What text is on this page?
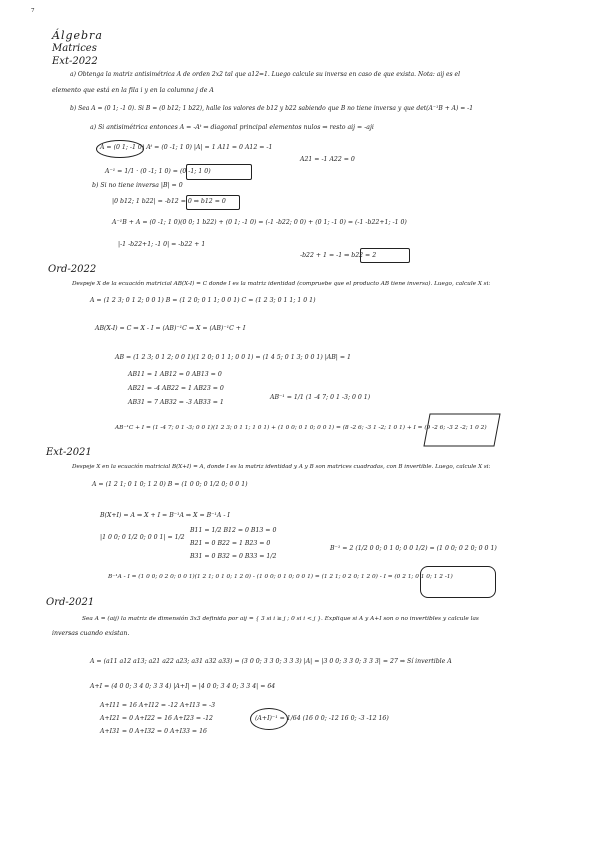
7
Álgebra
Matrices
Ext-2022
a) Obtenga la matriz antisimétrica A de orden 2x2 tal que a12=1. Luego calcule su inversa en caso de que exista. Nota: aij es el
elemento que está en la fila i y en la columna j de A
b) Sea A = (0 1; -1 0). Si B = (0 b12; 1 b22), halle los valores de b12 y b22 sabiendo que B no tiene inversa y que det(A⁻¹B + A) = -1
a) Si antisimétrica entonces A = -Aᵗ ⇒ diagonal principal elementos nulos ⇒ resto aij = -aji
A = (0 1; -1 0) Aᵗ = (0 -1; 1 0) |A| = 1 A11 = 0 A12 = -1
A21 = -1 A22 = 0
A⁻¹ = 1/1 · (0 -1; 1 0) = (0 -1; 1 0)
b) Si no tiene inversa |B| = 0
|0 b12; 1 b22| = -b12 = 0 ⇒ b12 = 0
A⁻¹B + A = (0 -1; 1 0)(0 0; 1 b22) + (0 1; -1 0) = (-1 -b22; 0 0) + (0 1; -1 0) = (-1 -b22+1; -1 0)
|-1 -b22+1; -1 0| = -b22 + 1
-b22 + 1 = -1 ⇒ b22 = 2
Ord-2022
Despeje X de la ecuación matricial AB(X-I) = C donde I es la matriz identidad (compruebe que el producto AB tiene inversa). Luego, calcule X si:
A = (1 2 3; 0 1 2; 0 0 1) B = (1 2 0; 0 1 1; 0 0 1) C = (1 2 3; 0 1 1; 1 0 1)
AB(X-I) = C ⇒ X - I = (AB)⁻¹C ⇒ X = (AB)⁻¹C + I
AB = (1 2 3; 0 1 2; 0 0 1)(1 2 0; 0 1 1; 0 0 1) = (1 4 5; 0 1 3; 0 0 1) |AB| = 1
AB11 = 1 AB12 = 0 AB13 = 0
AB21 = -4 AB22 = 1 AB23 = 0
AB31 = 7 AB32 = -3 AB33 = 1
AB⁻¹ = 1/1 (1 -4 7; 0 1 -3; 0 0 1)
AB⁻¹C + I = (1 -4 7; 0 1 -3; 0 0 1)(1 2 3; 0 1 1; 1 0 1) + (1 0 0; 0 1 0; 0 0 1) = (8 -2 6; -3 1 -2; 1 0 1) + I = (9 -2 6; -3 2 -2; 1 0 2)
Ext-2021
Despeje X en la ecuación matricial B(X+I) = A, donde I es la matriz identidad y A y B son matrices cuadradas, con B invertible. Luego, calcule X si:
A = (1 2 1; 0 1 0; 1 2 0) B = (1 0 0; 0 1/2 0; 0 0 1)
B(X+I) = A ⇒ X + I = B⁻¹A ⇒ X = B⁻¹A - I
|1 0 0; 0 1/2 0; 0 0 1| = 1/2
B11 = 1/2 B12 = 0 B13 = 0
B21 = 0 B22 = 1 B23 = 0
B31 = 0 B32 = 0 B33 = 1/2
B⁻¹ = 2 (1/2 0 0; 0 1 0; 0 0 1/2) = (1 0 0; 0 2 0; 0 0 1)
B⁻¹A - I = (1 0 0; 0 2 0; 0 0 1)(1 2 1; 0 1 0; 1 2 0) - (1 0 0; 0 1 0; 0 0 1) = (1 2 1; 0 2 0; 1 2 0) - I = (0 2 1; 0 1 0; 1 2 -1)
Ord-2021
Sea A = (aij) la matriz de dimensión 3x3 definida por aij = { 3 si i ≥ j ; 0 si i < j }. Explique si A y A+I son o no invertibles y calcule las
inversas cuando existan.
A = (a11 a12 a13; a21 a22 a23; a31 a32 a33) = (3 0 0; 3 3 0; 3 3 3) |A| = |3 0 0; 3 3 0; 3 3 3| = 27 ⇒ Sí invertible A
A+I = (4 0 0; 3 4 0; 3 3 4) |A+I| = |4 0 0; 3 4 0; 3 3 4| = 64
A+I11 = 16 A+I12 = -12 A+I13 = -3
A+I21 = 0 A+I22 = 16 A+I23 = -12
A+I31 = 0 A+I32 = 0 A+I33 = 16
(A+I)⁻¹ = 1/64 (16 0 0; -12 16 0; -3 -12 16)
